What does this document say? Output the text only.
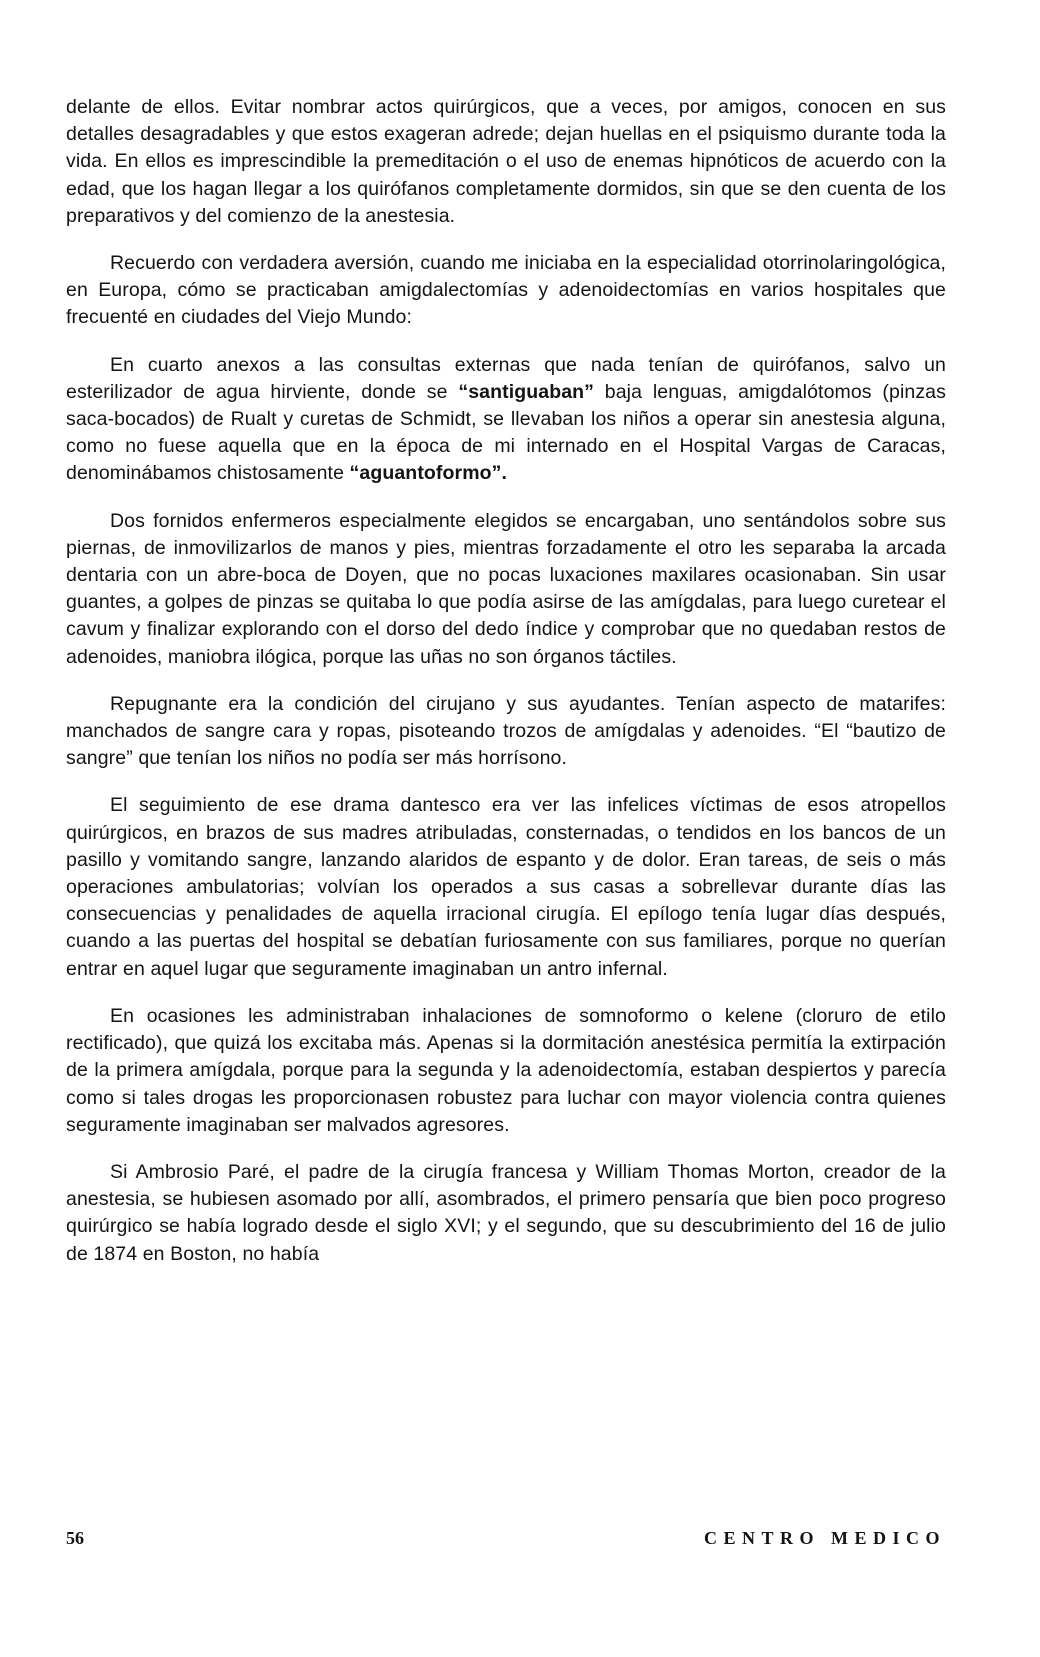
delante de ellos. Evitar nombrar actos quirúrgicos, que a veces, por amigos, conocen en sus detalles desagradables y que estos exageran adrede; dejan huellas en el psiquismo durante toda la vida. En ellos es imprescindible la premeditación o el uso de enemas hipnóticos de acuerdo con la edad, que los hagan llegar a los quirófanos completamente dormidos, sin que se den cuenta de los preparativos y del comienzo de la anestesia.

Recuerdo con verdadera aversión, cuando me iniciaba en la especialidad otorrinolaringológica, en Europa, cómo se practicaban amigdalectomías y adenoidectomías en varios hospitales que frecuenté en ciudades del Viejo Mundo:

En cuarto anexos a las consultas externas que nada tenían de quirófanos, salvo un esterilizador de agua hirviente, donde se “santiguaban” baja lenguas, amigdalótomos (pinzas saca-bocados) de Rualt y curetas de Schmidt, se llevaban los niños a operar sin anestesia alguna, como no fuese aquella que en la época de mi internado en el Hospital Vargas de Caracas, denominábamos chistosamente “aguantoformo”.

Dos fornidos enfermeros especialmente elegidos se encargaban, uno sentándolos sobre sus piernas, de inmovilizarlos de manos y pies, mientras forzadamente el otro les separaba la arcada dentaria con un abre-boca de Doyen, que no pocas luxaciones maxilares ocasionaban. Sin usar guantes, a golpes de pinzas se quitaba lo que podía asirse de las amígdalas, para luego curetear el cavum y finalizar explorando con el dorso del dedo índice y comprobar que no quedaban restos de adenoides, maniobra ilógica, porque las uñas no son órganos táctiles.

Repugnante era la condición del cirujano y sus ayudantes. Tenían aspecto de matarifes: manchados de sangre cara y ropas, pisoteando trozos de amígdalas y adenoides. “El “bautizo de sangre” que tenían los niños no podía ser más horrísono.

El seguimiento de ese drama dantesco era ver las infelices víctimas de esos atropellos quirúrgicos, en brazos de sus madres atribuladas, consternadas, o tendidos en los bancos de un pasillo y vomitando sangre, lanzando alaridos de espanto y de dolor. Eran tareas, de seis o más operaciones ambulatorias; volvían los operados a sus casas a sobrellevar durante días las consecuencias y penalidades de aquella irracional cirugía. El epílogo tenía lugar días después, cuando a las puertas del hospital se debatían furiosamente con sus familiares, porque no querían entrar en aquel lugar que seguramente imaginaban un antro infernal.

En ocasiones les administraban inhalaciones de somnoformo o kelene (cloruro de etilo rectificado), que quizá los excitaba más. Apenas si la dormitación anestésica permitía la extirpación de la primera amígdala, porque para la segunda y la adenoidectomía, estaban despiertos y parecía como si tales drogas les proporcionasen robustez para luchar con mayor violencia contra quienes seguramente imaginaban ser malvados agresores.

Si Ambrosio Paré, el padre de la cirugía francesa y William Thomas Morton, creador de la anestesia, se hubiesen asomado por allí, asombrados, el primero pensaría que bien poco progreso quirúrgico se había logrado desde el siglo XVI; y el segundo, que su descubrimiento del 16 de julio de 1874 en Boston, no había

56	CENTRO MEDICO
